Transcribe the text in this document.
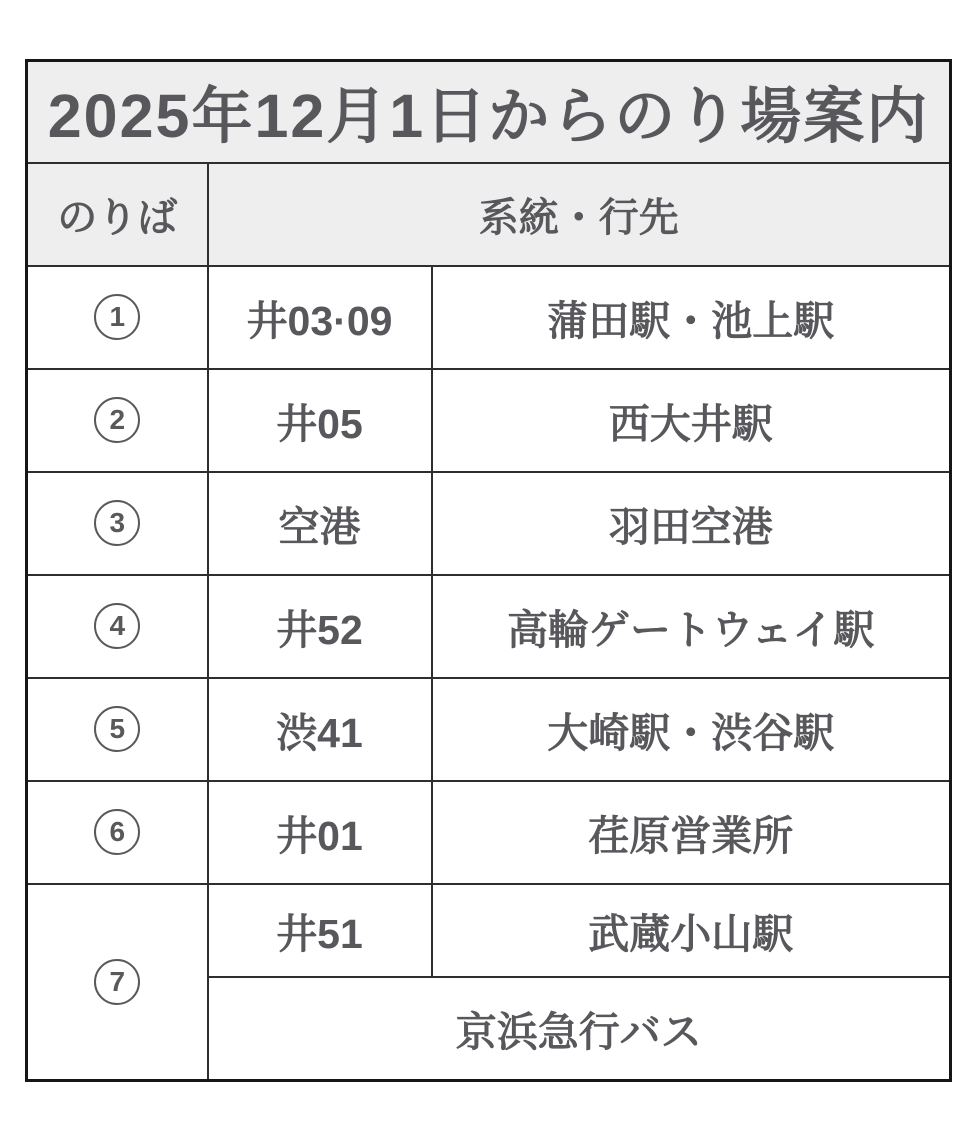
2025年12月1日からのり場案内		
のりば	系統・行先	

1	井03·09	蒲田駅・池上駅

2	井05	西大井駅

3	空港	羽田空港

4	井52	高輪ゲートウェイ駅

5	渋41	大崎駅・渋谷駅

6	井01	荏原営業所

7	井51	武蔵小山駅
	京浜急行バス	
